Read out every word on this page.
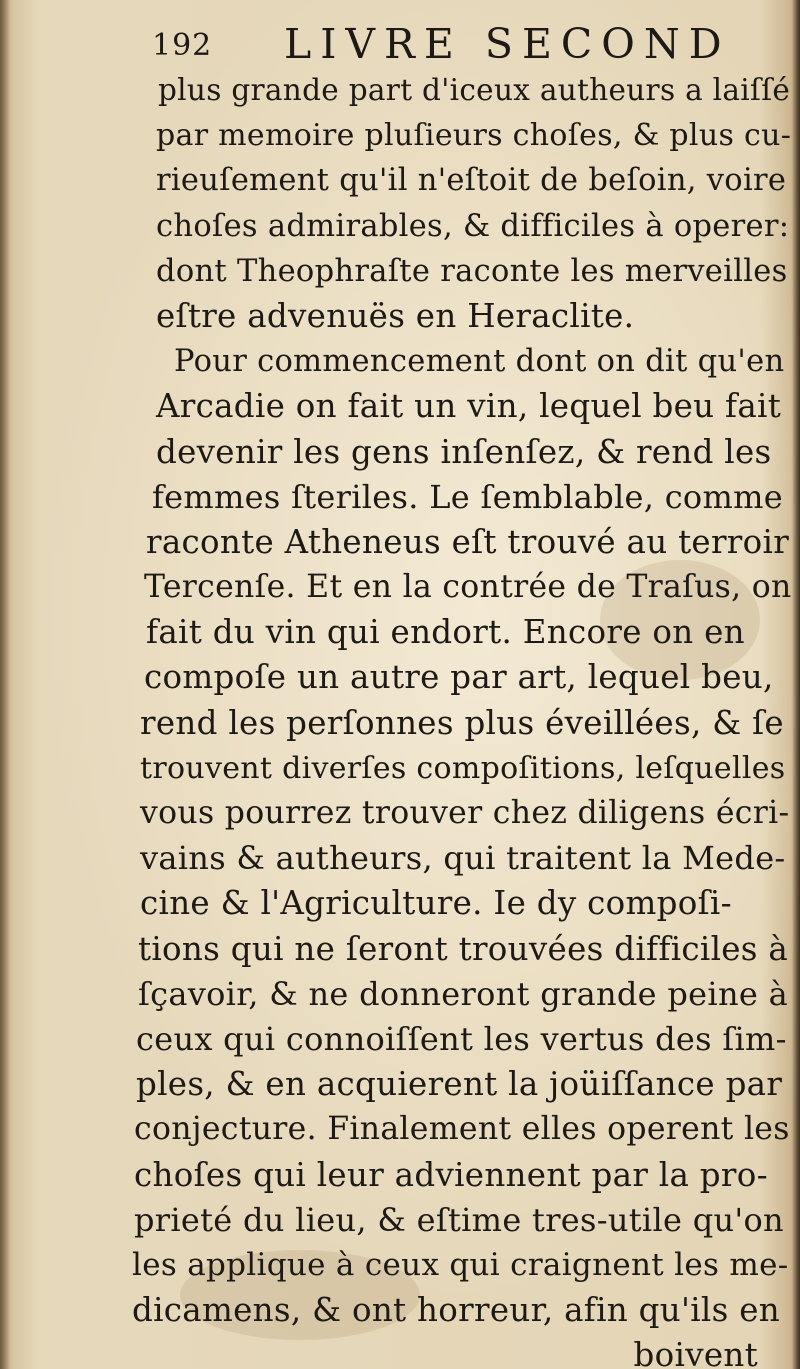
192 LIVRE SECOND
plus grande part d'iceux autheurs a laiſſé
par memoire pluſieurs choſes, & plus cu-
rieuſement qu'il n'eſtoit de beſoin, voire
choſes admirables, & difficiles à operer:
dont Theophraſte raconte les merveilles
eſtre advenuës en Heraclite.
Pour commencement dont on dit qu'en
Arcadie on fait un vin, lequel beu fait
devenir les gens inſenſez, & rend les
femmes ſteriles. Le ſemblable, comme
raconte Atheneus eſt trouvé au terroir
Tercenſe. Et en la contrée de Traſus, on
fait du vin qui endort. Encore on en
compoſe un autre par art, lequel beu,
rend les perſonnes plus éveillées, & ſe
trouvent diverſes compoſitions, leſquelles
vous pourrez trouver chez diligens écri-
vains & autheurs, qui traitent la Mede-
cine & l'Agriculture. Ie dy compoſi-
tions qui ne ſeront trouvées difficiles à
ſçavoir, & ne donneront grande peine à
ceux qui connoiſſent les vertus des ſim-
ples, & en acquierent la joüiſſance par
conjecture. Finalement elles operent les
choſes qui leur adviennent par la pro-
prieté du lieu, & eſtime tres-utile qu'on
les applique à ceux qui craignent les me-
dicamens, & ont horreur, afin qu'ils en
boivent
